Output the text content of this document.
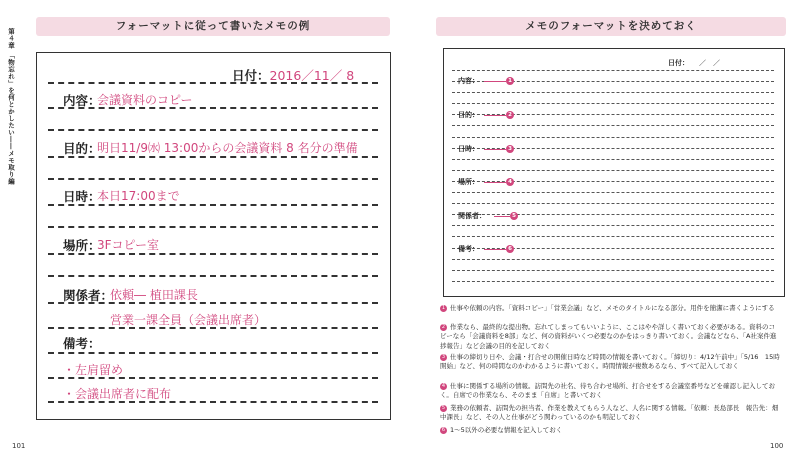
第４章 「物忘れ」を何とかしたい――メモ取り編
フォーマットに従って書いたメモの例
日付：2016／11／ 8
内容：
会議資料のコピー
目的：
明日11/9㈬ 13:00からの会議資料 8 名分の準備
日時：
本日17:00まで
場所：
3Fコピー室
関係者：
依頼― 植田課長
営業一課全員（会議出席者）
備考：
・左肩留め
・会議出席者に配布
101
メモのフォーマットを決めておく
日付： ／　／
内容：	1
目的：	2
日時：	3
場所：	4
関係者：	5
備考：	6
1 仕事や依頼の内容。「資料コピー」「営業会議」など、メモのタイトルになる部分。用件を簡潔に書くようにする
2 作業なら、最終的な提出物。忘れてしまってもいいように、ここはやや詳しく書いておく必要がある。資料のコピーなら「会議資料を8部」など、何の資料がいくつ必要なのかをはっきり書いておく。会議などなら、「A社案件進捗報告」など会議の目的を記しておく
3 仕事の締切り日や、会議・打合せの開催日時など時間の情報を書いておく。「締切り：4/12午前中」「5/16　15時開始」など、何の時間なのかわかるように書いておく。時間情報が複数あるなら、すべて記入しておく
4 仕事に関係する場所の情報。訪問先の社名、待ち合わせ場所、打合せをする会議室番号などを確認し記入しておく。自席での作業なら、そのまま「自席」と書いておく
5 業務の依頼者、訪問先の担当者、作業を教えてもらう人など、人名に関する情報。「依頼：長島部長　報告先：畑中課長」など、その人と仕事がどう関わっているのかも明記しておく
6 1～5以外の必要な情報を記入しておく
100
